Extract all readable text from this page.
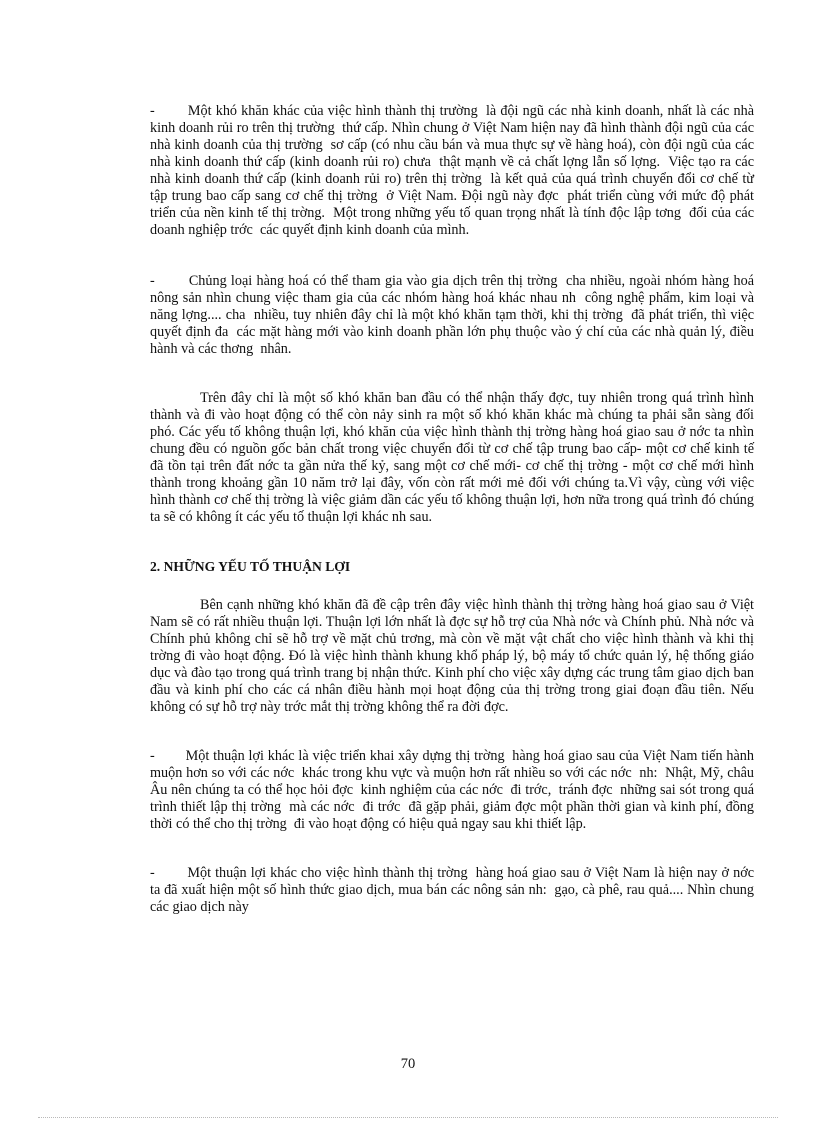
-        Một khó khăn khác của việc hình thành thị trường  là đội ngũ các nhà kinh doanh, nhất là các nhà kinh doanh rủi ro trên thị trường  thứ cấp. Nhìn chung ở Việt Nam hiện nay đã hình thành đội ngũ của các nhà kinh doanh của thị trường  sơ cấp (có nhu cầu bán và mua thực sự về hàng hoá), còn đội ngũ của các nhà kinh doanh thứ cấp (kinh doanh rủi ro) chưa  thật mạnh về cả chất lợng lẫn số lợng.  Việc tạo ra các nhà kinh doanh thứ cấp (kinh doanh rủi ro) trên thị trờng  là kết quả của quá trình chuyển đổi cơ chế từ tập trung bao cấp sang cơ chế thị trờng  ở Việt Nam. Đội ngũ này đợc  phát triển cùng với mức độ phát triển của nền kinh tế thị trờng.  Một trong những yếu tố quan trọng nhất là tính độc lập tơng  đối của các doanh nghiệp trớc  các quyết định kinh doanh của mình.

-        Chủng loại hàng hoá có thể tham gia vào gia dịch trên thị trờng  cha nhiều, ngoài nhóm hàng hoá nông sản nhìn chung việc tham gia của các nhóm hàng hoá khác nhau nh  công nghệ phẩm, kim loại và năng lợng.... cha  nhiều, tuy nhiên đây chỉ là một khó khăn tạm thời, khi thị trờng  đã phát triển, thì việc quyết định đa  các mặt hàng mới vào kinh doanh phần lớn phụ thuộc vào ý chí của các nhà quản lý, điều hành và các thơng  nhân.

Trên đây chỉ là một số khó khăn ban đầu có thể nhận thấy đợc, tuy nhiên trong quá trình hình thành và đi vào hoạt động có thể còn nảy sinh ra một số khó khăn khác mà chúng ta phải sẵn sàng đối phó. Các yếu tố không thuận lợi, khó khăn của việc hình thành thị trờng hàng hoá giao sau ở nớc ta nhìn chung đều có nguồn gốc bản chất trong việc chuyển đổi từ cơ chế tập trung bao cấp- một cơ chế kinh tế đã tồn tại trên đất nớc ta gần nửa thế kỷ, sang một cơ chế mới- cơ chế thị trờng - một cơ chế mới hình thành trong khoảng gần 10 năm trở lại đây, vốn còn rất mới mẻ đối với chúng ta.Vì vậy, cùng với việc hình thành cơ chế thị trờng là việc giảm dần các yếu tố không thuận lợi, hơn nữa trong quá trình đó chúng ta sẽ có không ít các yếu tố thuận lợi khác nh sau.

2. NHỮNG YẾU TỐ THUẬN LỢI

Bên cạnh những khó khăn đã đề cập trên đây việc hình thành thị trờng hàng hoá giao sau ở Việt Nam sẽ có rất nhiều thuận lợi. Thuận lợi lớn nhất là đợc sự hỗ trợ của Nhà nớc và Chính phủ. Nhà nớc và Chính phủ không chỉ sẽ hỗ trợ về mặt chủ trơng, mà còn về mặt vật chất cho việc hình thành và khi thị trờng đi vào hoạt động. Đó là việc hình thành khung khổ pháp lý, bộ máy tổ chức quản lý, hệ thống giáo dục và đào tạo trong quá trình trang bị nhận thức. Kinh phí cho việc xây dựng các trung tâm giao dịch ban đầu và kinh phí cho các cá nhân điều hành mọi hoạt động của thị trờng trong giai đoạn đầu tiên. Nếu không có sự hỗ trợ này trớc mắt thị trờng không thể ra đời đợc.

-        Một thuận lợi khác là việc triển khai xây dựng thị trờng  hàng hoá giao sau của Việt Nam tiến hành muộn hơn so với các nớc  khác trong khu vực và muộn hơn rất nhiều so với các nớc  nh:  Nhật, Mỹ, châu Âu nên chúng ta có thể học hỏi đợc  kinh nghiệm của các nớc  đi trớc,  tránh đợc  những sai sót trong quá trình thiết lập thị trờng  mà các nớc  đi trớc  đã gặp phải, giảm đợc một phần thời gian và kinh phí, đồng thời có thể cho thị trờng  đi vào hoạt động có hiệu quả ngay sau khi thiết lập.

-        Một thuận lợi khác cho việc hình thành thị trờng  hàng hoá giao sau ở Việt Nam là hiện nay ở nớc  ta đã xuất hiện một số hình thức giao dịch, mua bán các nông sản nh:  gạo, cà phê, rau quả.... Nhìn chung các giao dịch này

70
